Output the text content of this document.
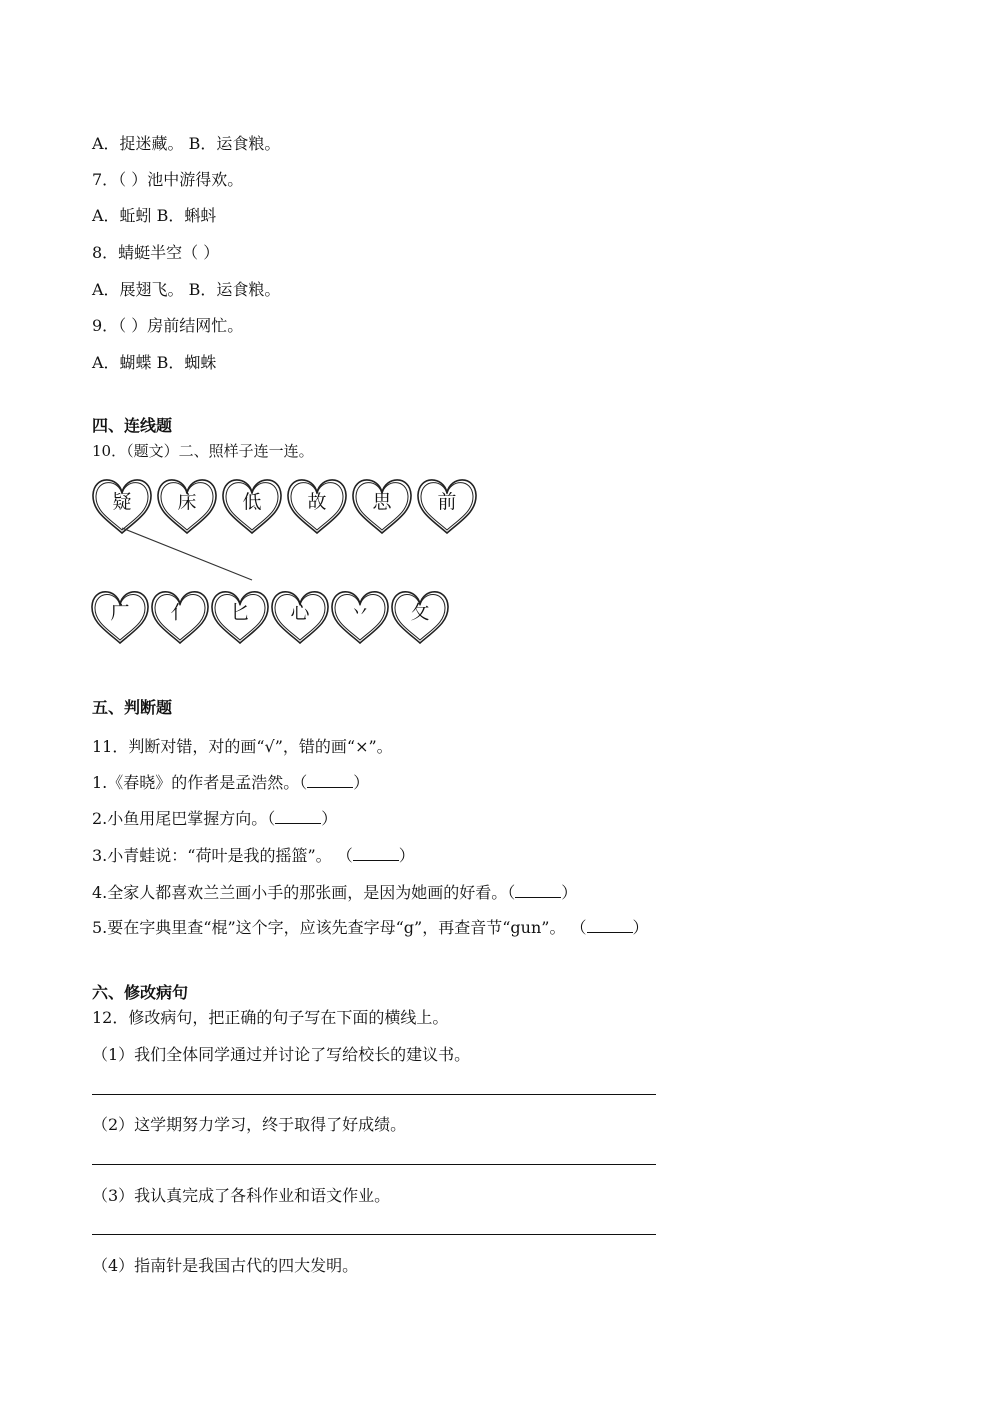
A．捉迷藏。 B．运食粮。
7．（ ）池中游得欢。
A．蚯蚓 B．蝌蚪
8．蜻蜓半空（ ）
A．展翅飞。 B．运食粮。
9．（ ）房前结网忙。
A．蝴蝶 B．蜘蛛
四、连线题
10．（题文）二、照样子连一连。
疑 床 低 故 思 前
广 亻 匕 心 丷 攵
五、判断题
11．判断对错，对的画“√”，错的画“×”。
1.《春晓》的作者是孟浩然。（	）
2.小鱼用尾巴掌握方向。（	）
3.小青蛙说：“荷叶是我的摇篮”。 （	）
4.全家人都喜欢兰兰画小手的那张画，是因为她画的好看。（	）
5.要在字典里查“棍”这个字，应该先查字母“g”，再查音节“gun”。 （	）
六、修改病句
12．修改病句，把正确的句子写在下面的横线上。
（1）我们全体同学通过并讨论了写给校长的建议书。
（2）这学期努力学习，终于取得了好成绩。
（3）我认真完成了各科作业和语文作业。
（4）指南针是我国古代的四大发明。
